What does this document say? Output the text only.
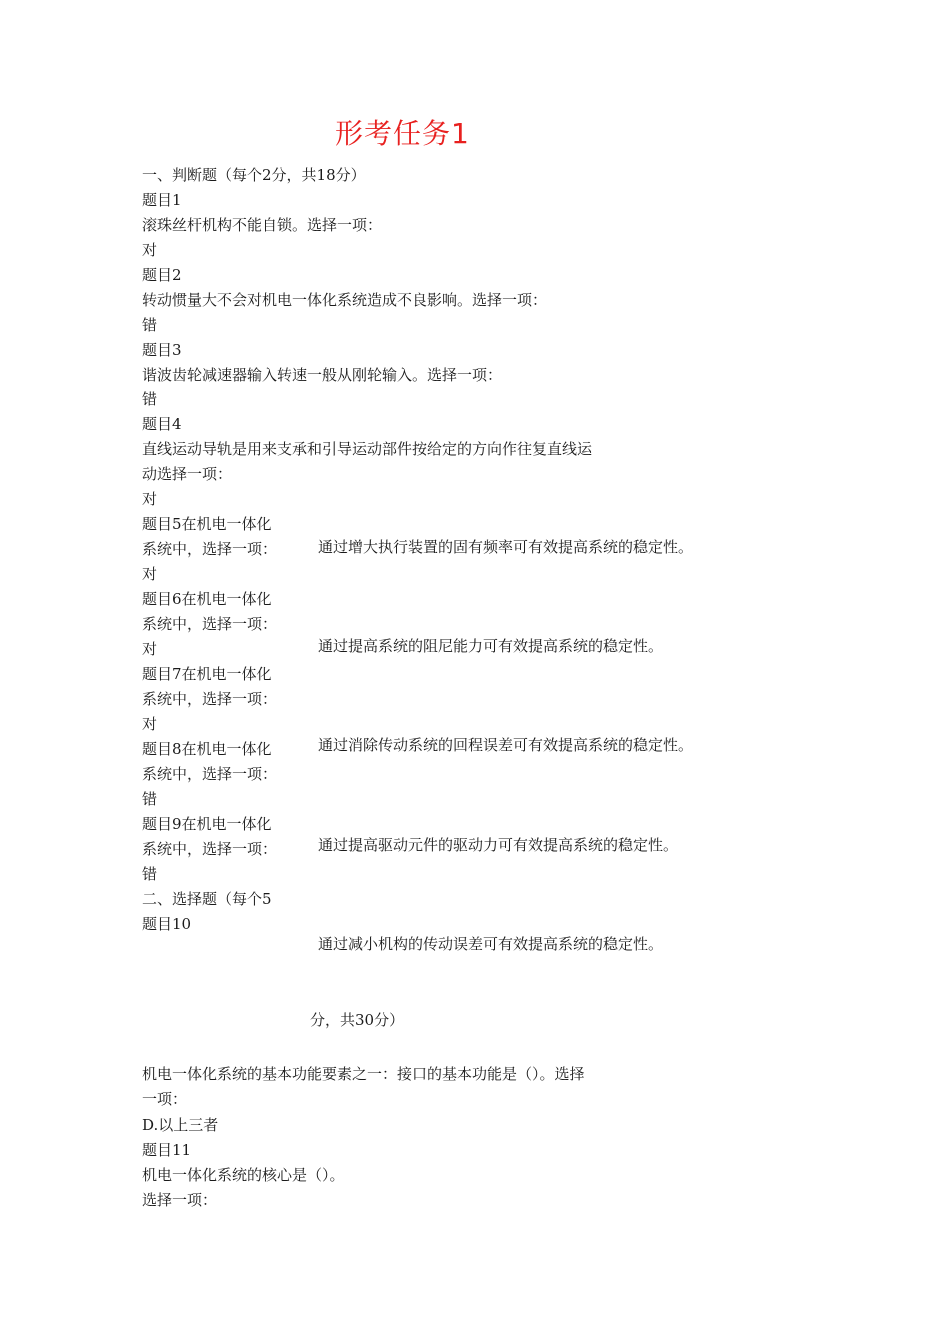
形考任务1
一、判断题（每个2分，共18分）
题目1
滚珠丝杆机构不能自锁。选择一项：
对
题目2
转动惯量大不会对机电一体化系统造成不良影响。选择一项：
错
题目3
谐波齿轮减速器输入转速一般从刚轮输入。选择一项：
错
题目4
直线运动导轨是用来支承和引导运动部件按给定的方向作往复直线运
动选择一项：
对
题目5在机电一体化
系统中，选择一项：
对
通过增大执行装置的固有频率可有效提高系统的稳定性。
题目6在机电一体化
系统中，选择一项：
对	通过提高系统的阻尼能力可有效提高系统的稳定性。
题目7在机电一体化
系统中，选择一项：
对
通过消除传动系统的回程误差可有效提高系统的稳定性。
题目8在机电一体化
系统中，选择一项：
错
通过提高驱动元件的驱动力可有效提高系统的稳定性。
题目9在机电一体化
系统中，选择一项：
错
通过减小机构的传动误差可有效提高系统的稳定性。
二、选择题（每个5
题目10
分，共30分）
机电一体化系统的基本功能要素之一：接口的基本功能是（）。选择
一项：
D.以上三者
题目11
机电一体化系统的核心是（）。
选择一项：
